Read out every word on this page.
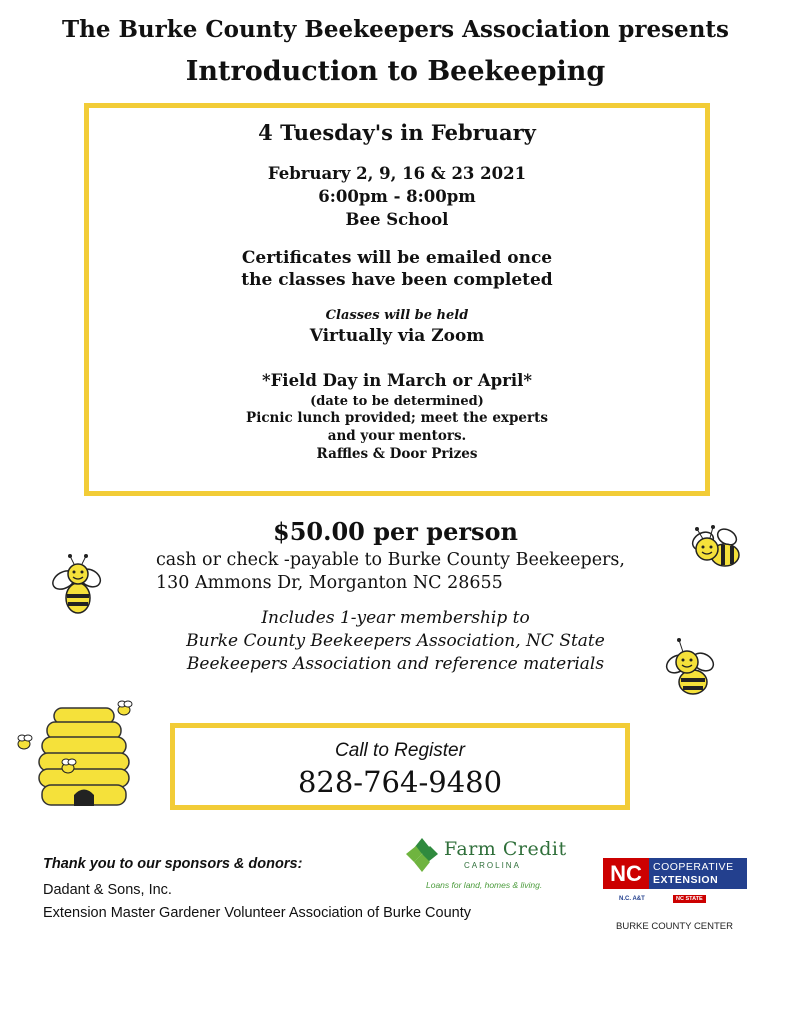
The Burke County Beekeepers Association presents
Introduction to Beekeeping
4 Tuesday's in February
February 2, 9, 16 & 23 2021
6:00pm - 8:00pm
Bee School
Certificates will be emailed once
the classes have been completed
Classes will be held
Virtually via Zoom
*Field Day in March or April*
(date to be determined)
Picnic lunch provided; meet the experts
and your mentors.
Raffles & Door Prizes
$50.00 per person
cash or check -payable to Burke County Beekeepers,
130 Ammons Dr, Morganton NC 28655
Includes 1-year membership to
Burke County Beekeepers Association, NC State
Beekeepers Association and reference materials
Call to Register
828-764-9480
Thank you to our sponsors & donors:
Dadant & Sons, Inc.
Extension Master Gardener Volunteer Association of Burke County
Farm Credit
CAROLINA
Loans for land, homes & living.	NC	COOPERATIVE
EXTENSION
N.C. A&T	NC STATE
BURKE COUNTY CENTER
